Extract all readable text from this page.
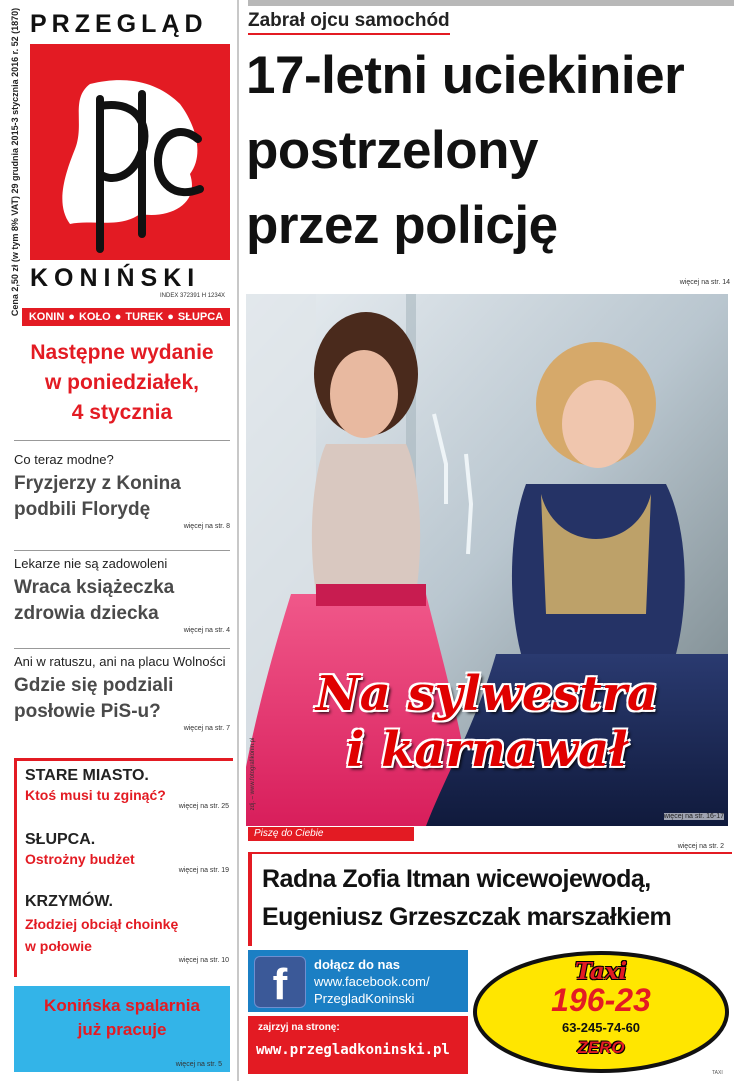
Cena 2,50 zł (w tym 8% VAT) 29 grudnia 2015-3 stycznia 2016 r. 52 (1870) PRZEGLĄD
KONIŃSKI
INDEX 372391 H 1234X
KONIN ● KOŁO ● TUREK ● SŁUPCA
Następne wydanie
w poniedziałek,
4 stycznia
Co teraz modne?
Fryzjerzy z Konina
podbili Florydę
więcej na str. 8
Lekarze nie są zadowoleni
Wraca książeczka
zdrowia dziecka
więcej na str. 4
Ani w ratuszu, ani na placu Wolności
Gdzie się podziali
posłowie PiS-u?
więcej na str. 7
STARE MIASTO.
Ktoś musi tu zginąć?
więcej na str. 25
SŁUPCA.
Ostrożny budżet
więcej na str. 19
KRZYMÓW.
Złodziej obciął choinkę
w połowie
więcej na str. 10
Konińska spalarnia
już pracuje
więcej na str. 5
Zabrał ojcu samochód
17-letni uciekinier
postrzelony
przez policję
więcej na str. 14
Na sylwestra
i karnawał
zdj. – www.fotografikonin.pl
więcej na str. 16-17
Piszę do Ciebie
więcej na str. 2
Radna Zofia Itman wicewojewodą,
Eugeniusz Grzeszczak marszałkiem
f	dołącz do nas
www.facebook.com/
PrzegladKoninski
zajrzyj na stronę:
www.przegladkoninski.pl
Taxi
196-23
63-245-74-60
ZERO
TAXI
